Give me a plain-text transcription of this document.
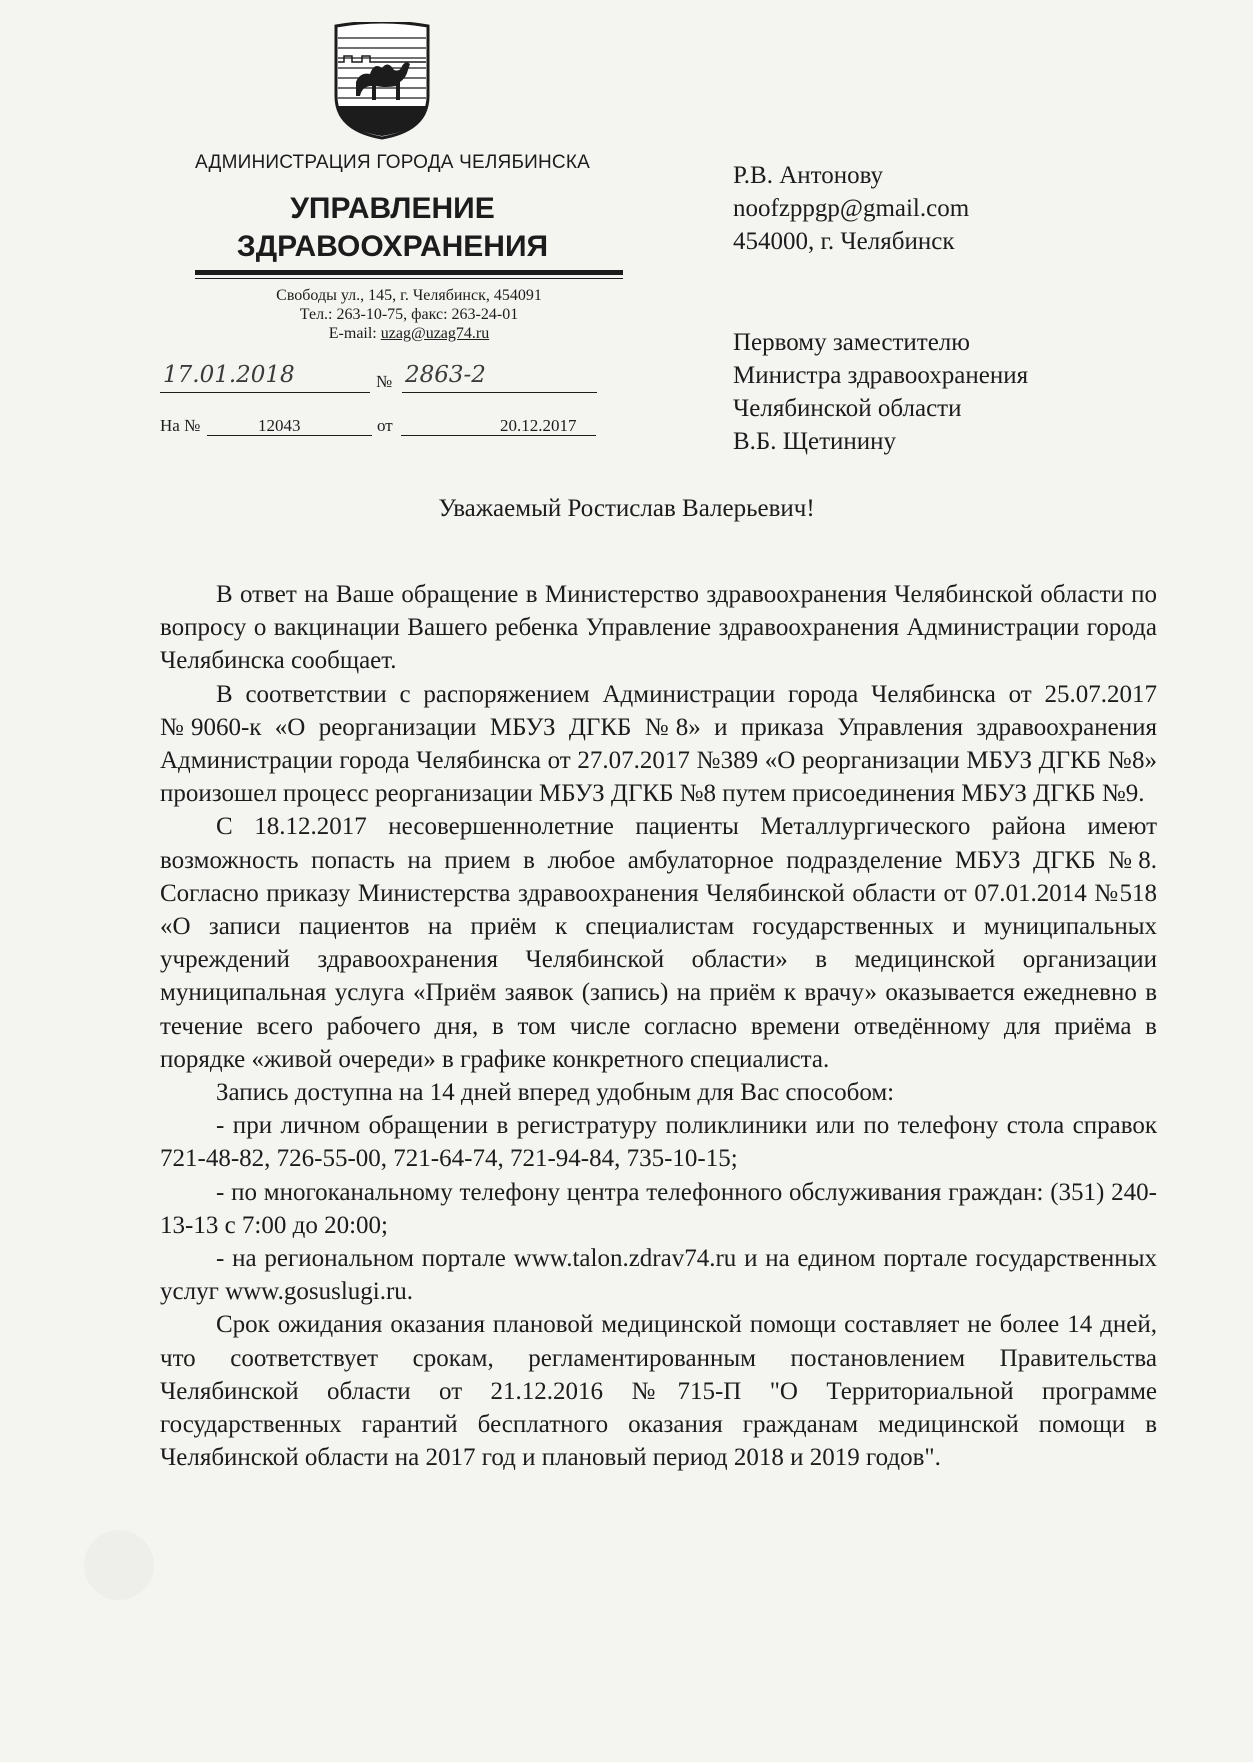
АДМИНИСТРАЦИЯ ГОРОДА ЧЕЛЯБИНСКА
УПРАВЛЕНИЕ
ЗДРАВООХРАНЕНИЯ
Свободы ул., 145, г. Челябинск, 454091
Тел.: 263-10-75, факс: 263-24-01
E-mail: uzag@uzag74.ru
17.01.2018	№ 2863-2
На №	12043	от	20.12.2017
Р.В. Антонову
noofzppgp@gmail.com
454000, г. Челябинск
Первому заместителю
Министра здравоохранения
Челябинской области
В.Б. Щетинину
Уважаемый Ростислав Валерьевич!

В ответ на Ваше обращение в Министерство здравоохранения Челябинской области по вопросу о вакцинации Вашего ребенка Управление здравоохранения Администрации города Челябинска сообщает.

В соответствии с распоряжением Администрации города Челябинска от 25.07.2017 №9060-к «О реорганизации МБУЗ ДГКБ №8» и приказа Управления здравоохранения Администрации города Челябинска от 27.07.2017 №389 «О реорганизации МБУЗ ДГКБ №8» произошел процесс реорганизации МБУЗ ДГКБ №8 путем присоединения МБУЗ ДГКБ №9.

С 18.12.2017 несовершеннолетние пациенты Металлургического района имеют возможность попасть на прием в любое амбулаторное подразделение МБУЗ ДГКБ №8. Согласно приказу Министерства здравоохранения Челябинской области от 07.01.2014 №518 «О записи пациентов на приём к специалистам государственных и муниципальных учреждений здравоохранения Челябинской области» в медицинской организации муниципальная услуга «Приём заявок (запись) на приём к врачу» оказывается ежедневно в течение всего рабочего дня, в том числе согласно времени отведённому для приёма в порядке «живой очереди» в графике конкретного специалиста.

Запись доступна на 14 дней вперед удобным для Вас способом:

- при личном обращении в регистратуру поликлиники или по телефону стола справок 721-48-82, 726-55-00, 721-64-74, 721-94-84, 735-10-15;

- по многоканальному телефону центра телефонного обслуживания граждан: (351) 240-13-13 с 7:00 до 20:00;

- на региональном портале www.talon.zdrav74.ru и на едином портале государственных услуг www.gosuslugi.ru.

Срок ожидания оказания плановой медицинской помощи составляет не более 14 дней, что соответствует срокам, регламентированным постановлением Правительства Челябинской области от 21.12.2016 №715-П "О Территориальной программе государственных гарантий бесплатного оказания гражданам медицинской помощи в Челябинской области на 2017 год и плановый период 2018 и 2019 годов".
